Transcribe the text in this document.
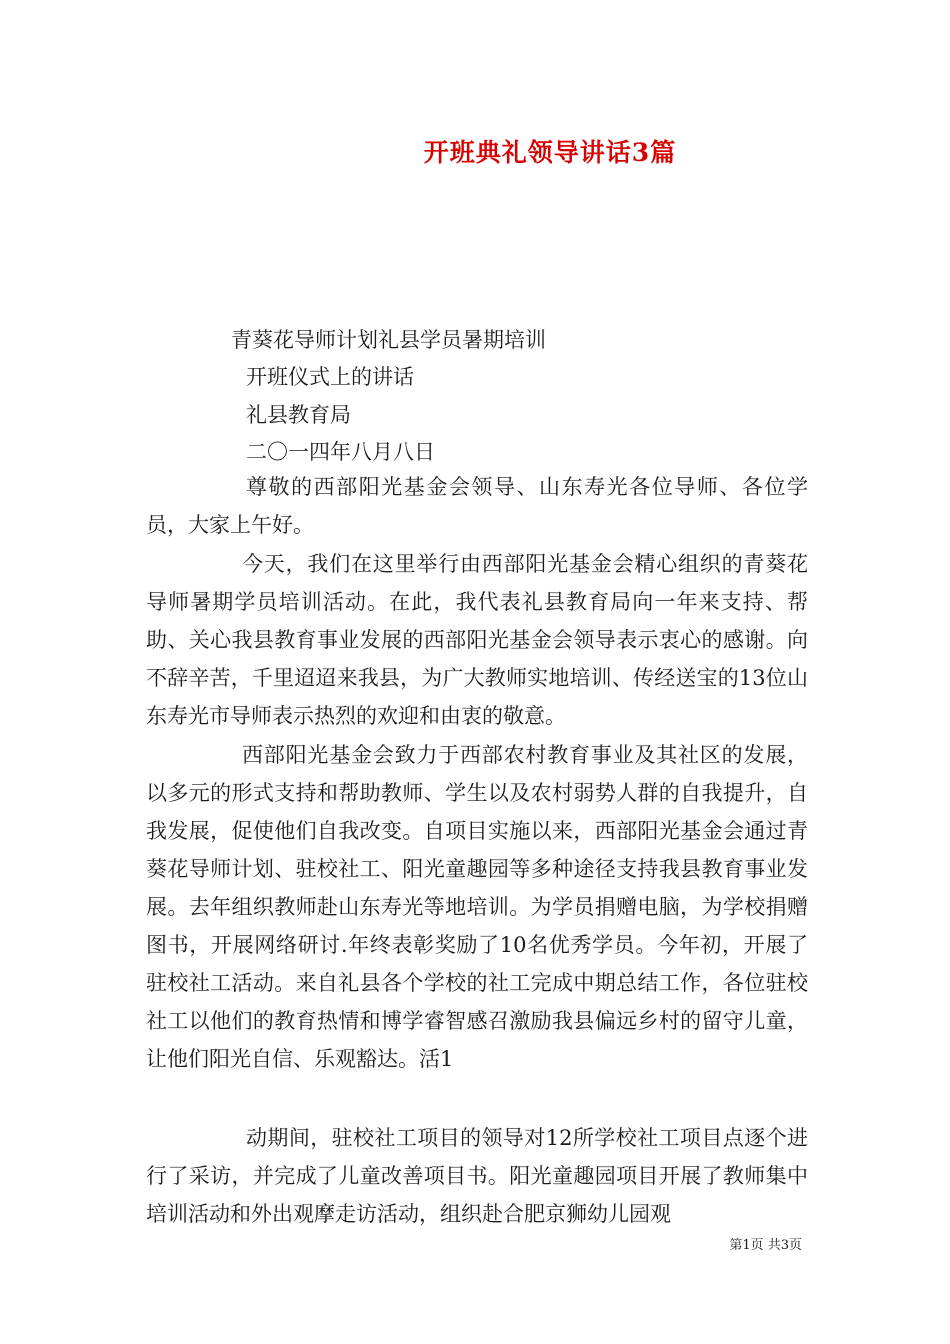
开班典礼领导讲话3篇
青葵花导师计划礼县学员暑期培训
开班仪式上的讲话
礼县教育局
二〇一四年八月八日

尊敬的西部阳光基金会领导、山东寿光各位导师、各位学员，大家上午好。

今天，我们在这里举行由西部阳光基金会精心组织的青葵花导师暑期学员培训活动。在此，我代表礼县教育局向一年来支持、帮助、关心我县教育事业发展的西部阳光基金会领导表示衷心的感谢。向不辞辛苦，千里迢迢来我县，为广大教师实地培训、传经送宝的13位山东寿光市导师表示热烈的欢迎和由衷的敬意。

西部阳光基金会致力于西部农村教育事业及其社区的发展，以多元的形式支持和帮助教师、学生以及农村弱势人群的自我提升，自我发展，促使他们自我改变。自项目实施以来，西部阳光基金会通过青葵花导师计划、驻校社工、阳光童趣园等多种途径支持我县教育事业发展。去年组织教师赴山东寿光等地培训。为学员捐赠电脑，为学校捐赠图书，开展网络研讨.年终表彰奖励了10名优秀学员。今年初，开展了驻校社工活动。来自礼县各个学校的社工完成中期总结工作，各位驻校社工以他们的教育热情和博学睿智感召激励我县偏远乡村的留守儿童，让他们阳光自信、乐观豁达。活1

动期间，驻校社工项目的领导对12所学校社工项目点逐个进行了采访，并完成了儿童改善项目书。阳光童趣园项目开展了教师集中培训活动和外出观摩走访活动，组织赴合肥京狮幼儿园观

第1页 共3页
